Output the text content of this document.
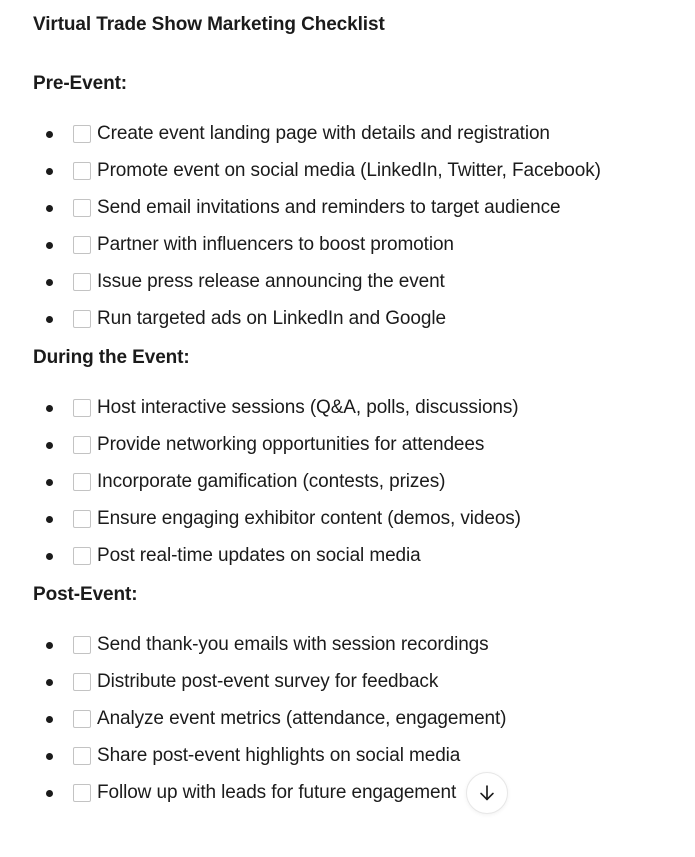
Virtual Trade Show Marketing Checklist
Pre-Event:
Create event landing page with details and registration
Promote event on social media (LinkedIn, Twitter, Facebook)
Send email invitations and reminders to target audience
Partner with influencers to boost promotion
Issue press release announcing the event
Run targeted ads on LinkedIn and Google
During the Event:
Host interactive sessions (Q&A, polls, discussions)
Provide networking opportunities for attendees
Incorporate gamification (contests, prizes)
Ensure engaging exhibitor content (demos, videos)
Post real-time updates on social media
Post-Event:
Send thank-you emails with session recordings
Distribute post-event survey for feedback
Analyze event metrics (attendance, engagement)
Share post-event highlights on social media
Follow up with leads for future engagement
